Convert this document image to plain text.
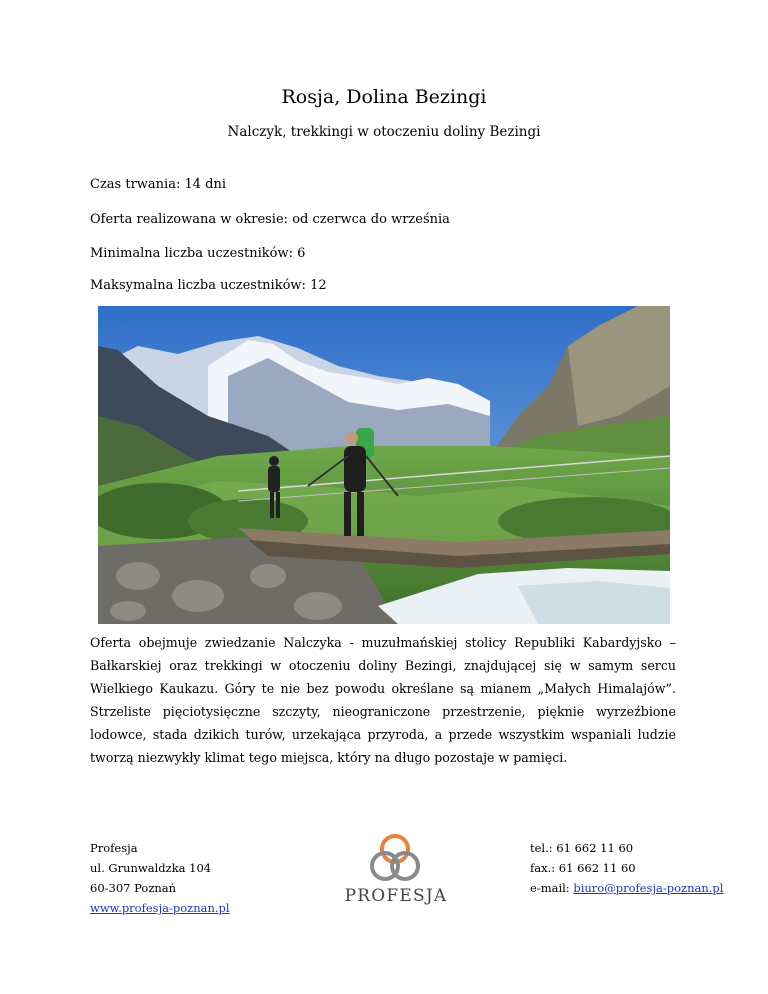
Rosja, Dolina Bezingi
Nalczyk, trekkingi w otoczeniu doliny Bezingi
Czas trwania: 14 dni
Oferta realizowana w okresie: od czerwca do września
Minimalna liczba uczestników: 6
Maksymalna liczba uczestników: 12
Oferta obejmuje zwiedzanie Nalczyka - muzułmańskiej stolicy Republiki Kabardyjsko – Bałkarskiej oraz trekkingi w otoczeniu doliny Bezingi, znajdującej się w samym sercu Wielkiego Kaukazu. Góry te nie bez powodu określane są mianem „Małych Himalajów”. Strzeliste pięciotysięczne szczyty, nieograniczone przestrzenie, pięknie wyrzeźbione lodowce, stada dzikich turów, urzekająca przyroda, a przede wszystkim wspaniali ludzie tworzą niezwykły klimat tego miejsca, który na długo pozostaje w pamięci.
Profesja
ul. Grunwaldzka 104
60-307 Poznań
www.profesja-poznan.pl
PROFESJA
tel.: 61 662 11 60
fax.: 61 662 11 60
e-mail: biuro@profesja-poznan.pl
